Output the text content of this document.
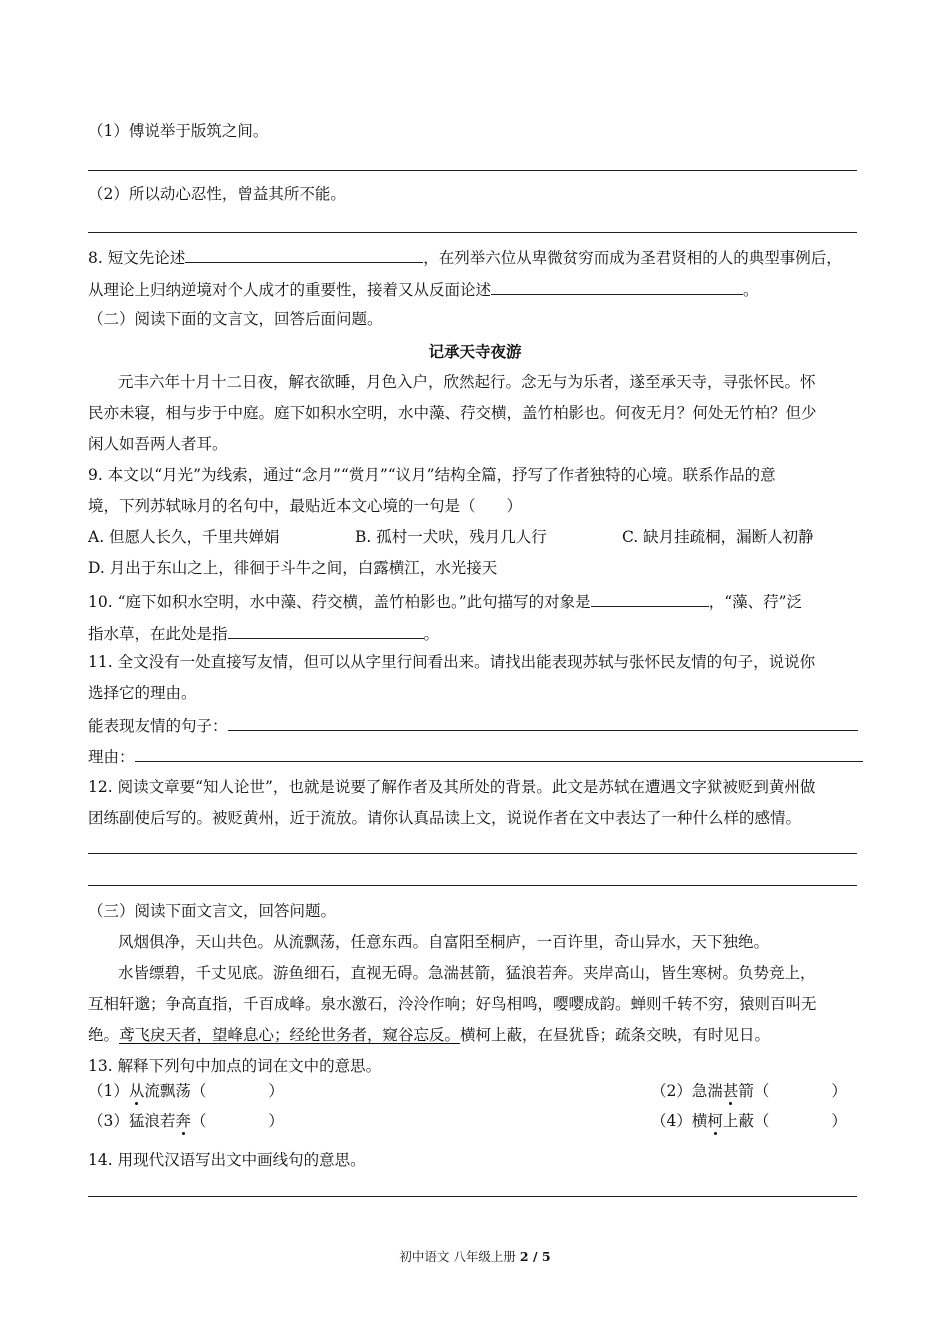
（1）傅说举于版筑之间。
（2）所以动心忍性，曾益其所不能。
8. 短文先论述	，在列举六位从卑微贫穷而成为圣君贤相的人的典型事例后，
从理论上归纳逆境对个人成才的重要性，接着又从反面论述	。
（二）阅读下面的文言文，回答后面问题。
记承天寺夜游
元丰六年十月十二日夜，解衣欲睡，月色入户，欣然起行。念无与为乐者，遂至承天寺，寻张怀民。怀
民亦未寝，相与步于中庭。庭下如积水空明，水中藻、荇交横，盖竹柏影也。何夜无月？何处无竹柏？但少
闲人如吾两人者耳。
9. 本文以“月光”为线索，通过“念月”“赏月”“议月”结构全篇，抒写了作者独特的心境。联系作品的意
境，下列苏轼咏月的名句中，最贴近本文心境的一句是（　　）
A. 但愿人长久，千里共婵娟	B. 孤村一犬吠，残月几人行	C. 缺月挂疏桐，漏断人初静
D. 月出于东山之上，徘徊于斗牛之间，白露横江，水光接天
10. “庭下如积水空明，水中藻、荇交横，盖竹柏影也。”此句描写的对象是	，“藻、荇”泛
指水草，在此处是指	。
11. 全文没有一处直接写友情，但可以从字里行间看出来。请找出能表现苏轼与张怀民友情的句子，说说你
选择它的理由。
能表现友情的句子：
理由：
12. 阅读文章要“知人论世”，也就是说要了解作者及其所处的背景。此文是苏轼在遭遇文字狱被贬到黄州做
团练副使后写的。被贬黄州，近于流放。请你认真品读上文，说说作者在文中表达了一种什么样的感情。
（三）阅读下面文言文，回答问题。
风烟俱净，天山共色。从流飘荡，任意东西。自富阳至桐庐，一百许里，奇山异水，天下独绝。
水皆缥碧，千丈见底。游鱼细石，直视无碍。急湍甚箭，猛浪若奔。夹岸高山，皆生寒树。负势竞上，
互相轩邈；争高直指，千百成峰。泉水激石，泠泠作响；好鸟相鸣，嘤嘤成韵。蝉则千转不穷，猿则百叫无
绝。鸢飞戾天者，望峰息心；经纶世务者，窥谷忘反。横柯上蔽，在昼犹昏；疏条交映，有时见日。
13. 解释下列句中加点的词在文中的意思。
（1）从流飘荡（　　　　）	（2）急湍甚箭（　　　　）
（3）猛浪若奔（　　　　）	（4）横柯上蔽（　　　　）
14. 用现代汉语写出文中画线句的意思。
初中语文 八年级上册 2 / 5
